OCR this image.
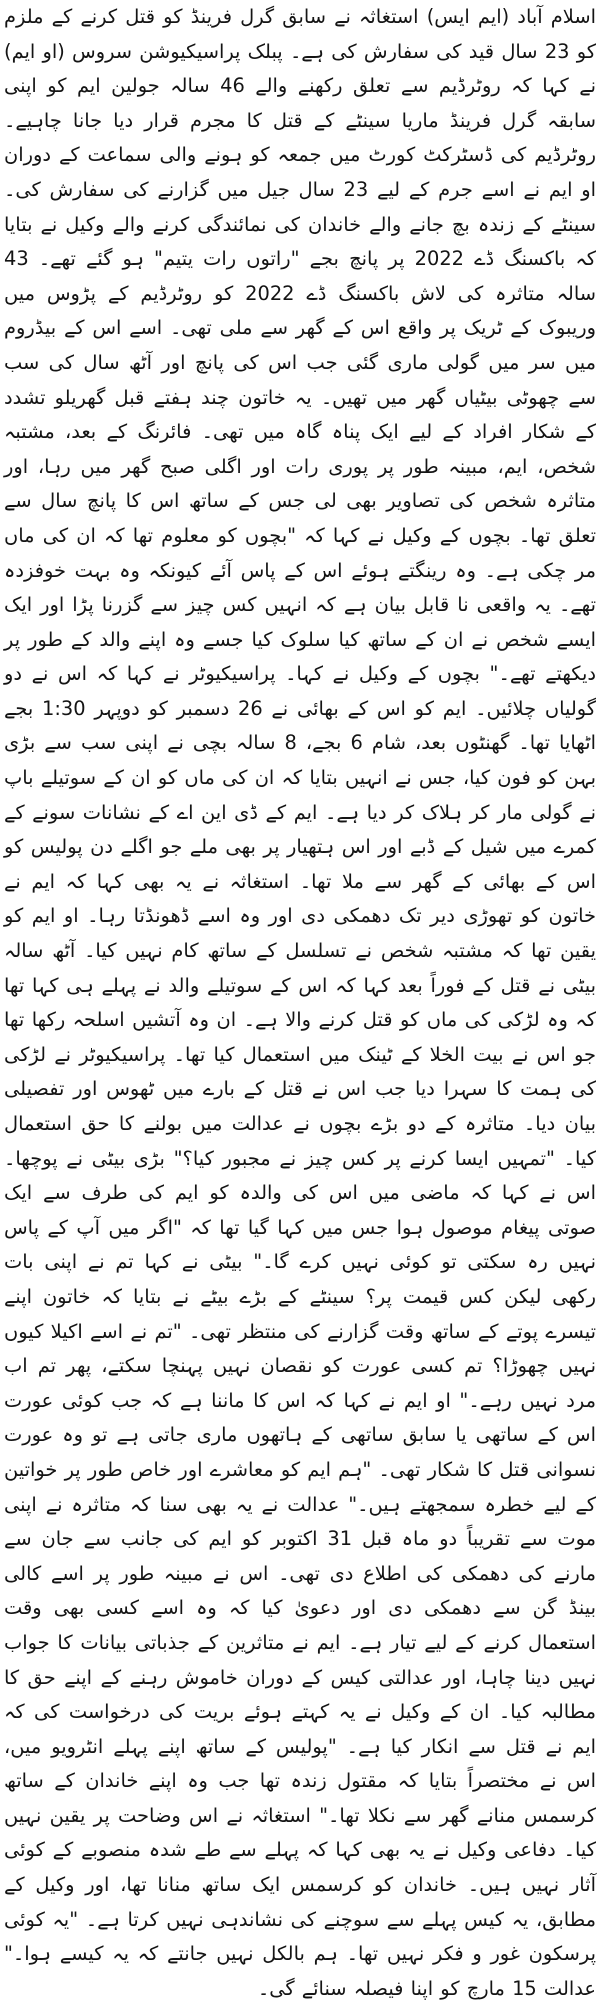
اسلام آباد (ایم ایس) استغاثہ نے سابق گرل فرینڈ کو قتل کرنے کے ملزم کو 23 سال قید کی سفارش کی ہے۔ پبلک پراسیکیوشن سروس (او ایم) نے کہا کہ روٹرڈیم سے تعلق رکھنے والے 46 سالہ جولین ایم کو اپنی سابقہ گرل فرینڈ ماریا سینٹے کے قتل کا مجرم قرار دیا جانا چاہیے۔ روٹرڈیم کی ڈسٹرکٹ کورٹ میں جمعہ کو ہونے والی سماعت کے دوران او ایم نے اسے جرم کے لیے 23 سال جیل میں گزارنے کی سفارش کی۔ سینٹے کے زندہ بچ جانے والے خاندان کی نمائندگی کرنے والے وکیل نے بتایا کہ باکسنگ ڈے 2022 پر پانچ بجے "راتوں رات یتیم" ہو گئے تھے۔ 43 سالہ متاثرہ کی لاش باکسنگ ڈے 2022 کو روٹرڈیم کے پڑوس میں وریبوک کے ٹریک پر واقع اس کے گھر سے ملی تھی۔ اسے اس کے بیڈروم میں سر میں گولی ماری گئی جب اس کی پانچ اور آٹھ سال کی سب سے چھوٹی بیٹیاں گھر میں تھیں۔ یہ خاتون چند ہفتے قبل گھریلو تشدد کے شکار افراد کے لیے ایک پناہ گاہ میں تھی۔ فائرنگ کے بعد، مشتبہ شخص، ایم، مبینہ طور پر پوری رات اور اگلی صبح گھر میں رہا، اور متاثرہ شخص کی تصاویر بھی لی جس کے ساتھ اس کا پانچ سال سے تعلق تھا۔ بچوں کے وکیل نے کہا کہ "بچوں کو معلوم تھا کہ ان کی ماں مر چکی ہے۔ وہ رینگتے ہوئے اس کے پاس آئے کیونکہ وہ بہت خوفزدہ تھے۔ یہ واقعی نا قابل بیان ہے کہ انہیں کس چیز سے گزرنا پڑا اور ایک ایسے شخص نے ان کے ساتھ کیا سلوک کیا جسے وہ اپنے والد کے طور پر دیکھتے تھے۔" بچوں کے وکیل نے کہا۔ پراسیکیوٹر نے کہا کہ اس نے دو گولیاں چلائیں۔ ایم کو اس کے بھائی نے 26 دسمبر کو دوپہر 1:30 بجے اٹھایا تھا۔ گھنٹوں بعد، شام 6 بجے، 8 سالہ بچی نے اپنی سب سے بڑی بہن کو فون کیا، جس نے انہیں بتایا کہ ان کی ماں کو ان کے سوتیلے باپ نے گولی مار کر ہلاک کر دیا ہے۔ ایم کے ڈی این اے کے نشانات سونے کے کمرے میں شیل کے ڈبے اور اس ہتھیار پر بھی ملے جو اگلے دن پولیس کو اس کے بھائی کے گھر سے ملا تھا۔ استغاثہ نے یہ بھی کہا کہ ایم نے خاتون کو تھوڑی دیر تک دھمکی دی اور وہ اسے ڈھونڈتا رہا۔ او ایم کو یقین تھا کہ مشتبہ شخص نے تسلسل کے ساتھ کام نہیں کیا۔ آٹھ سالہ بیٹی نے قتل کے فوراً بعد کہا کہ اس کے سوتیلے والد نے پہلے ہی کہا تھا کہ وہ لڑکی کی ماں کو قتل کرنے والا ہے۔ ان وہ آتشیں اسلحہ رکھا تھا جو اس نے بیت الخلا کے ٹینک میں استعمال کیا تھا۔ پراسیکیوٹر نے لڑکی کی ہمت کا سہرا دیا جب اس نے قتل کے بارے میں ٹھوس اور تفصیلی بیان دیا۔ متاثرہ کے دو بڑے بچوں نے عدالت میں بولنے کا حق استعمال کیا۔ "تمہیں ایسا کرنے پر کس چیز نے مجبور کیا؟" بڑی بیٹی نے پوچھا۔ اس نے کہا کہ ماضی میں اس کی والدہ کو ایم کی طرف سے ایک صوتی پیغام موصول ہوا جس میں کہا گیا تھا کہ "اگر میں آپ کے پاس نہیں رہ سکتی تو کوئی نہیں کرے گا۔" بیٹی نے کہا تم نے اپنی بات رکھی لیکن کس قیمت پر؟ سینٹے کے بڑے بیٹے نے بتایا کہ خاتون اپنے تیسرے پوتے کے ساتھ وقت گزارنے کی منتظر تھی۔ "تم نے اسے اکیلا کیوں نہیں چھوڑا؟ تم کسی عورت کو نقصان نہیں پہنچا سکتے، پھر تم اب مرد نہیں رہے۔" او ایم نے کہا کہ اس کا ماننا ہے کہ جب کوئی عورت اس کے ساتھی یا سابق ساتھی کے ہاتھوں ماری جاتی ہے تو وہ عورت نسوانی قتل کا شکار تھی۔ "ہم ایم کو معاشرے اور خاص طور پر خواتین کے لیے خطرہ سمجھتے ہیں۔" عدالت نے یہ بھی سنا کہ متاثرہ نے اپنی موت سے تقریباً دو ماہ قبل 31 اکتوبر کو ایم کی جانب سے جان سے مارنے کی دھمکی کی اطلاع دی تھی۔ اس نے مبینہ طور پر اسے کالی بینڈ گن سے دھمکی دی اور دعویٰ کیا کہ وہ اسے کسی بھی وقت استعمال کرنے کے لیے تیار ہے۔ ایم نے متاثرین کے جذباتی بیانات کا جواب نہیں دینا چاہا، اور عدالتی کیس کے دوران خاموش رہنے کے اپنے حق کا مطالبہ کیا۔ ان کے وکیل نے یہ کہتے ہوئے بریت کی درخواست کی کہ ایم نے قتل سے انکار کیا ہے۔ "پولیس کے ساتھ اپنے پہلے انٹرویو میں، اس نے مختصراً بتایا کہ مقتول زندہ تھا جب وہ اپنے خاندان کے ساتھ کرسمس منانے گھر سے نکلا تھا۔" استغاثہ نے اس وضاحت پر یقین نہیں کیا۔ دفاعی وکیل نے یہ بھی کہا کہ پہلے سے طے شدہ منصوبے کے کوئی آثار نہیں ہیں۔ خاندان کو کرسمس ایک ساتھ منانا تھا، اور وکیل کے مطابق، یہ کیس پہلے سے سوچنے کی نشاندہی نہیں کرتا ہے۔ "یہ کوئی پرسکون غور و فکر نہیں تھا۔ ہم بالکل نہیں جانتے کہ یہ کیسے ہوا۔" عدالت 15 مارچ کو اپنا فیصلہ سنائے گی۔
